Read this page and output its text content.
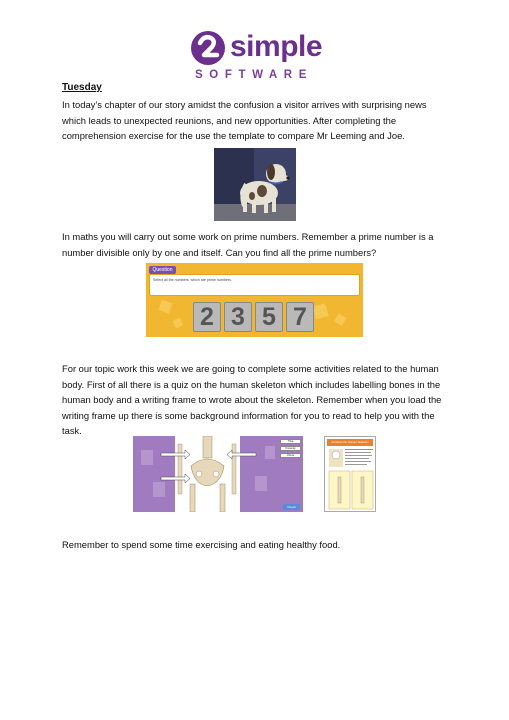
simple
SOFTWARE
Tuesday

In today’s chapter of our story amidst the confusion a visitor arrives with surprising news which leads to unexpected reunions, and new opportunities. After completing the comprehension exercise for the use the template to compare Mr Leeming and Joe.

In maths you will carry out some work on prime numbers. Remember a prime number is a number divisible only by one and itself. Can you find all the prime numbers?

Question
Select all the numbers, which are prime numbers.
2 3 5 7

For our topic work this week we are going to complete some activities related to the human body. First of all there is a quiz on the human skeleton which includes labelling bones in the human body and a writing frame to wrote about the skeleton. Remember when you load the writing frame up there is some background information for you to read to help you with the task.

Tibia
Kneecap
Fibula
Check
All About the Human Skeleton

Remember to spend some time exercising and eating healthy food.
